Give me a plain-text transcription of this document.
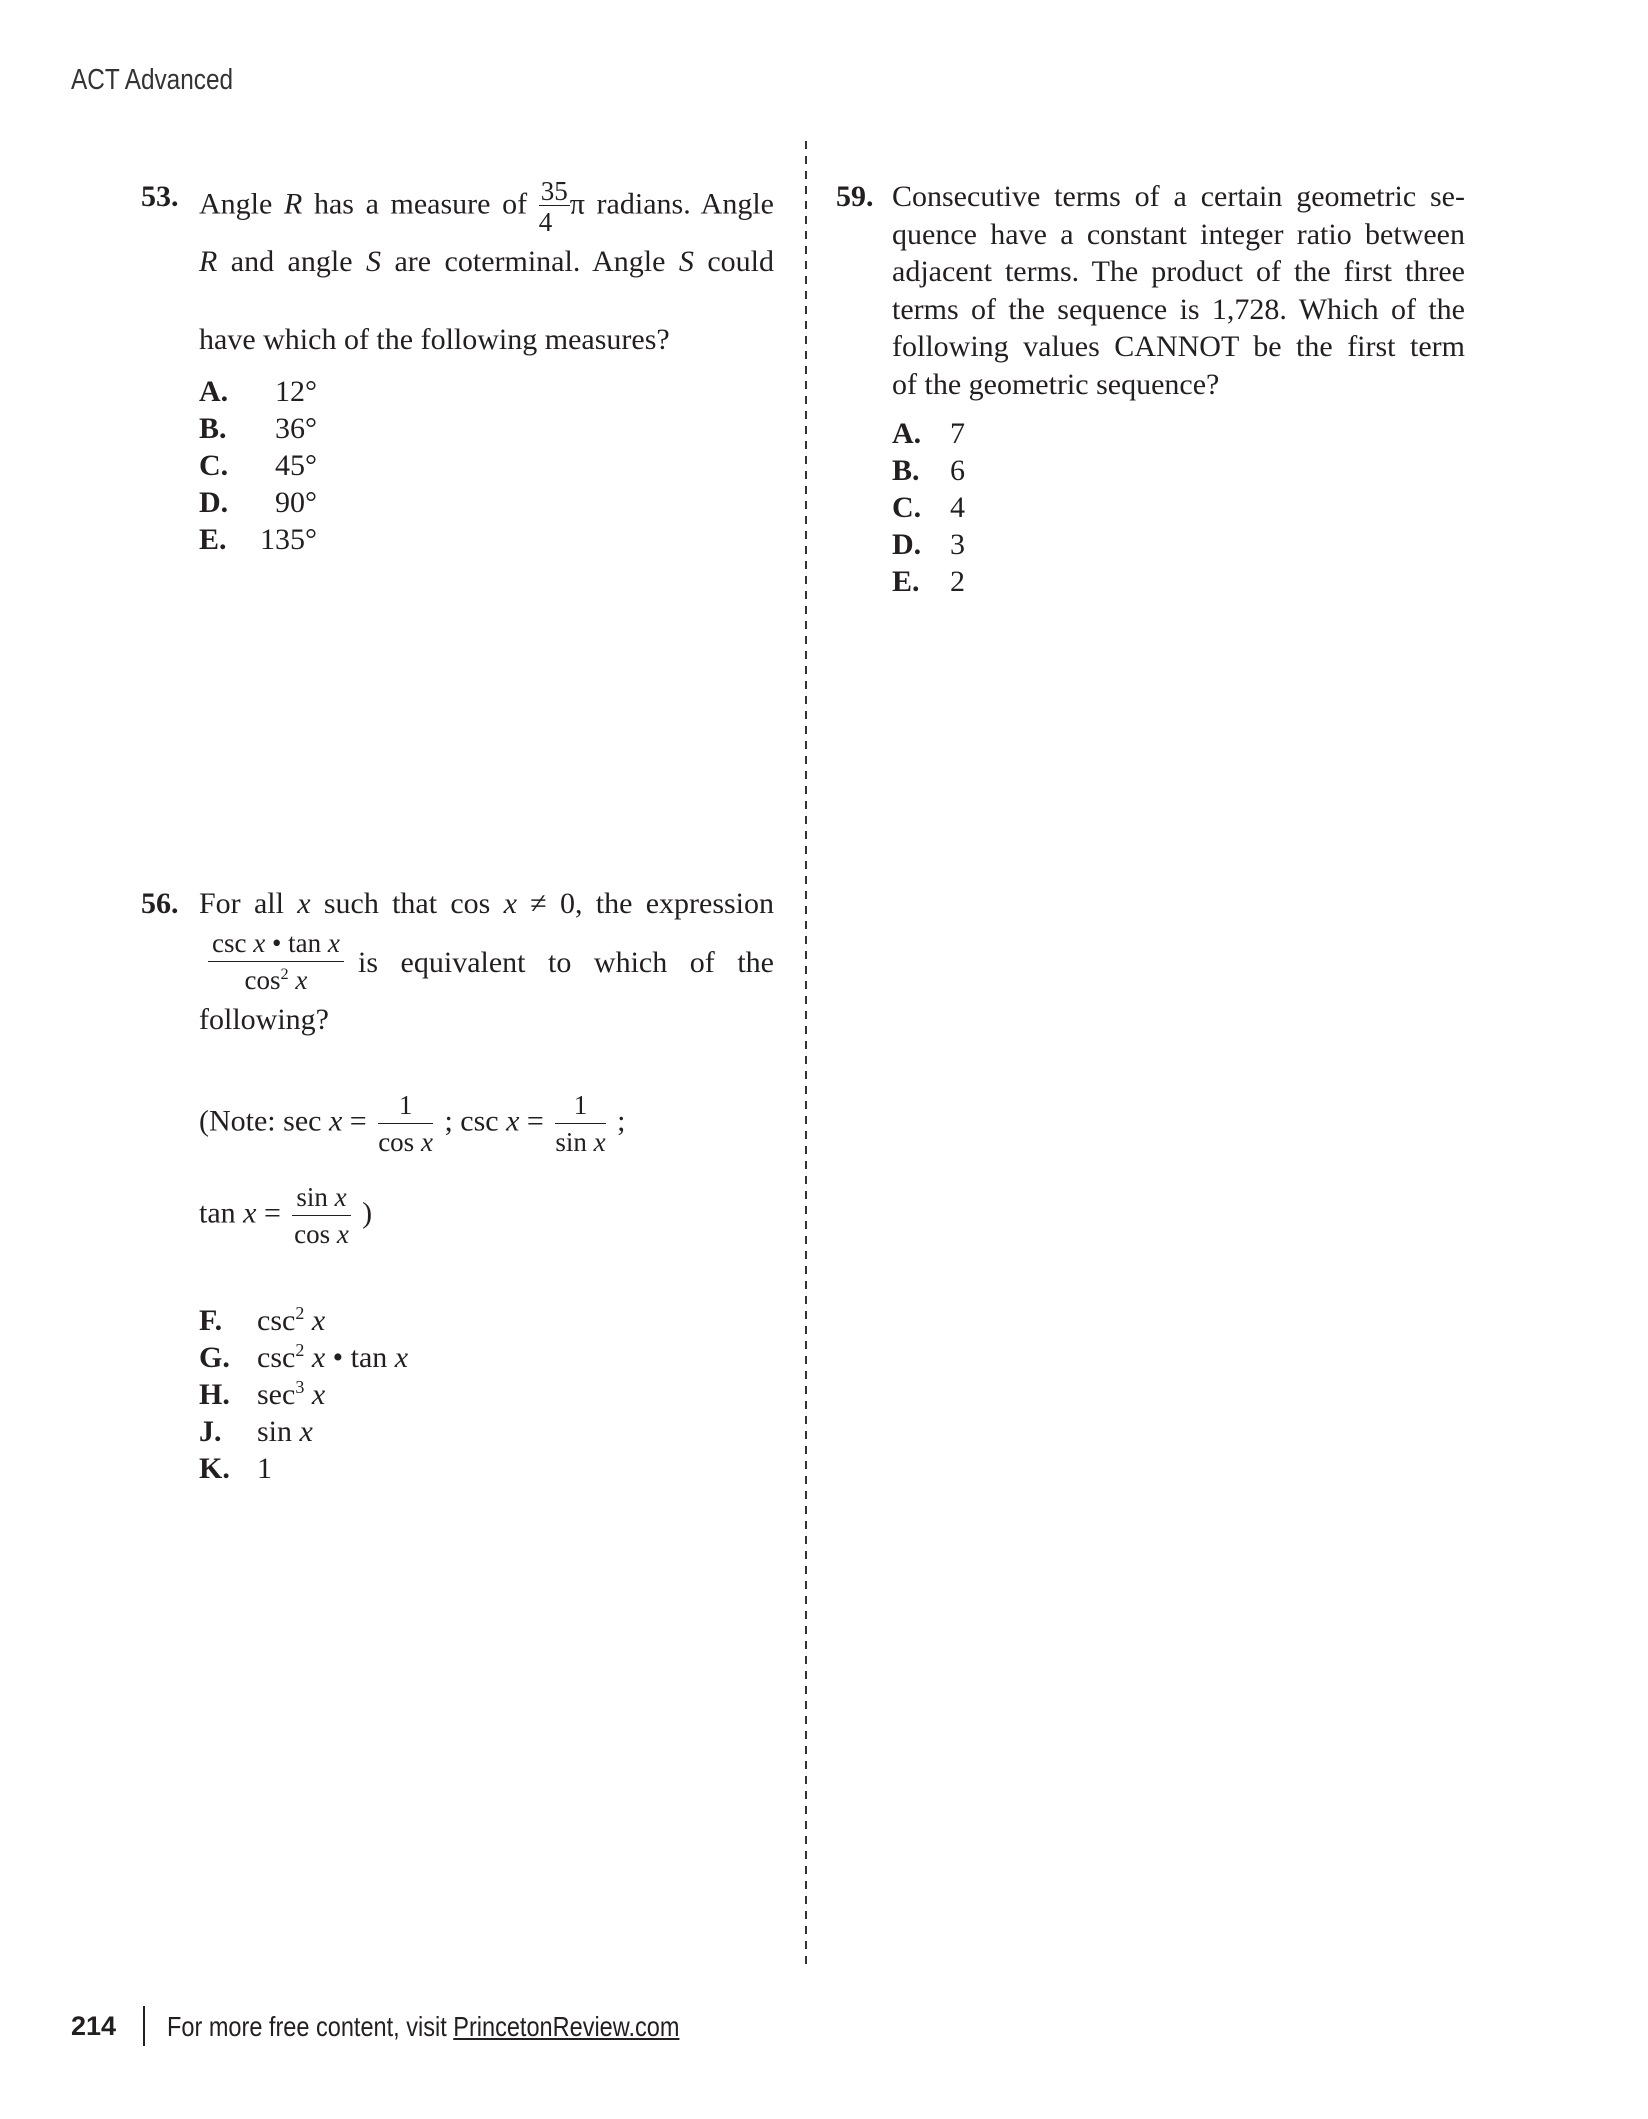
ACT Advanced
53. Angle R has a measure of $\frac{35}{4}$ π radians. Angle
R and angle S are coterminal. Angle S could
have which of the following measures?
A.	12°
B.	36°
C.	45°
D.	90°
E. 135°
56. For all x such that cos x ≠ 0, the expression
csc x • tan x
$\cos^2 x$
is equivalent to which of the
following?
(Note: $\sec x = \frac{1}{\text{cos x}}$ ; $\csc x = \frac{1}{\text{sin x}}$ ;
$\tan x = \frac{\text{sin x}}{\text{cos x}}$ )
F. $\csc^2 x$
G. $\csc^2 x$ • tan x
H. $\sec^3 x$
J. sin x
K. 1
59. Consecutive terms of a certain geometric se-
quence have a constant integer ratio between
adjacent terms. The product of the first three
terms of the sequence is 1,728. Which of the
following values CANNOT be the first term
of the geometric sequence?
A. 7
B. 6
C. 4
D. 3
E. 2
214 For more free content, visit PrincetonReview.com
